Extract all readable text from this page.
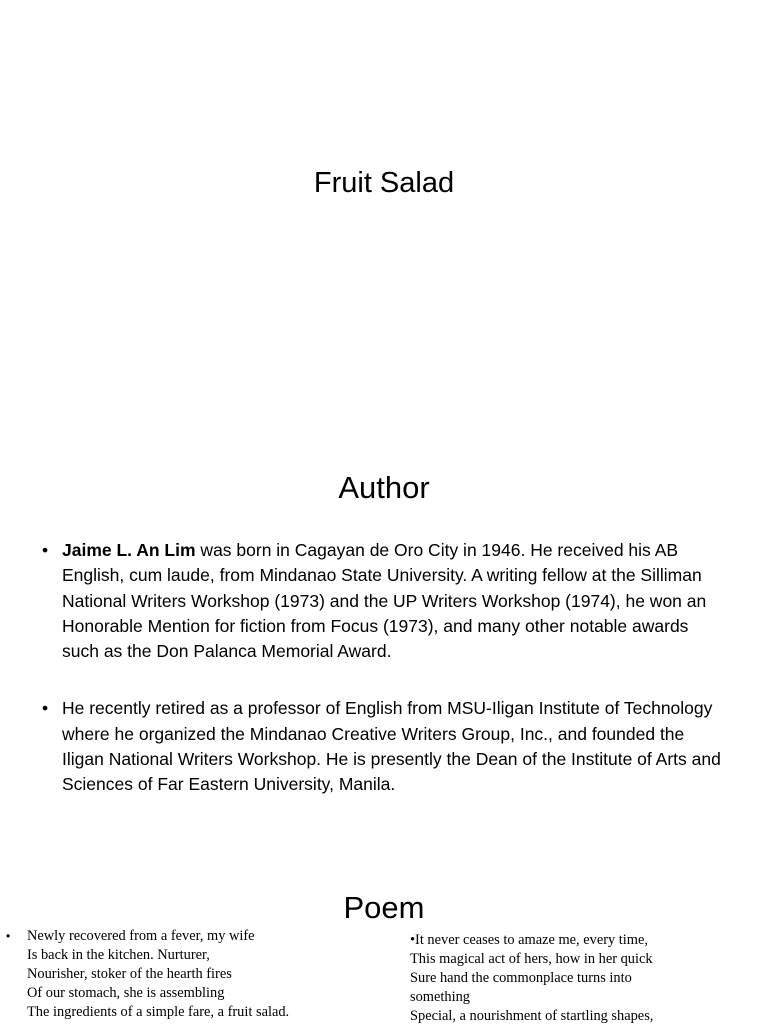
Fruit Salad
Author
• Jaime L. An Lim was born in Cagayan de Oro City in 1946. He received his AB English, cum laude, from Mindanao State University. A writing fellow at the Silliman National Writers Workshop (1973) and the UP Writers Workshop (1974), he won an Honorable Mention for fiction from Focus (1973), and many other notable awards such as the Don Palanca Memorial Award.
• He recently retired as a professor of English from MSU-Iligan Institute of Technology where he organized the Mindanao Creative Writers Group, Inc., and founded the Iligan National Writers Workshop. He is presently the Dean of the Institute of Arts and Sciences of Far Eastern University, Manila.
Poem
• Newly recovered from a fever, my wife
Is back in the kitchen. Nurturer,
Nourisher, stoker of the hearth fires
Of our stomach, she is assembling
The ingredients of a simple fare, a fruit salad.
•It never ceases to amaze me, every time,
This magical act of hers, how in her quick
Sure hand the commonplace turns into
something
Special, a nourishment of startling shapes,
